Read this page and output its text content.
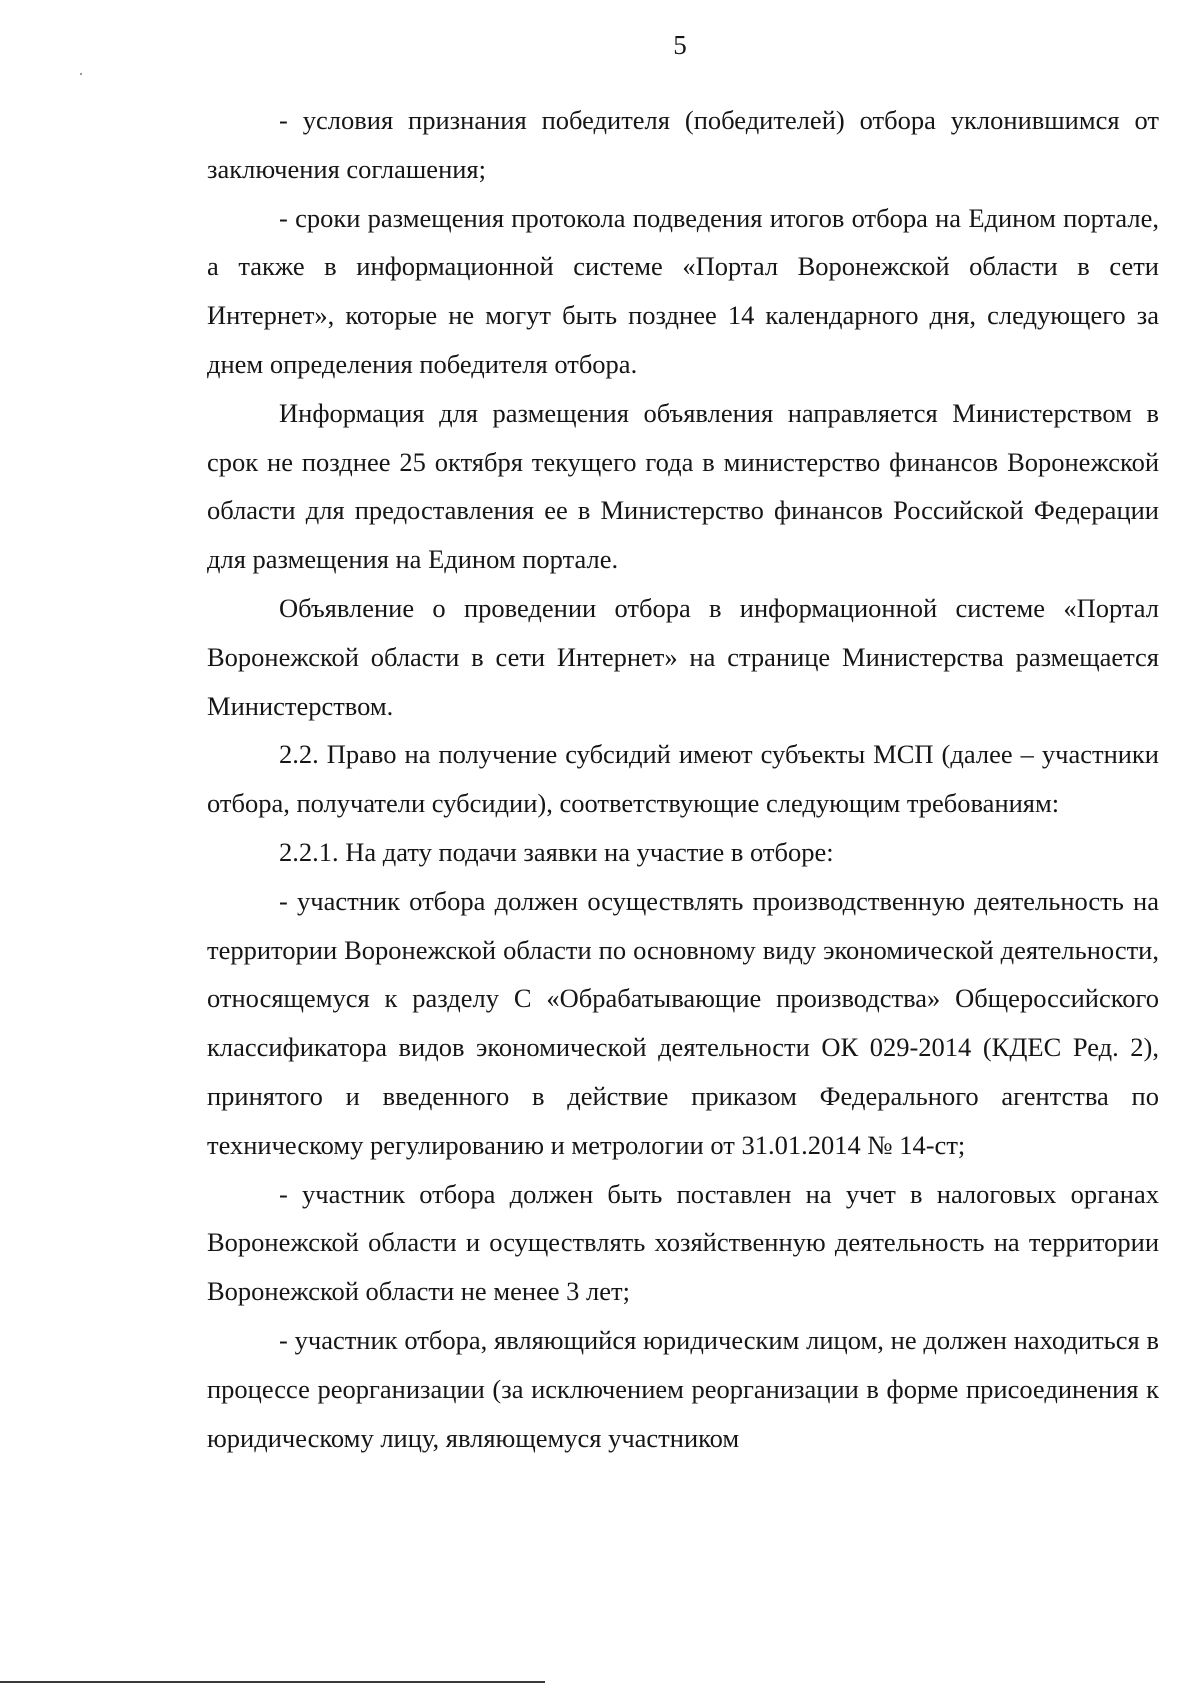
5

- условия признания победителя (победителей) отбора уклонившимся от заключения соглашения;

- сроки размещения протокола подведения итогов отбора на Едином портале, а также в информационной системе «Портал Воронежской области в сети Интернет», которые не могут быть позднее 14 календарного дня, следующего за днем определения победителя отбора.

Информация для размещения объявления направляется Министерством в срок не позднее 25 октября текущего года в министерство финансов Воронежской области для предоставления ее в Министерство финансов Российской Федерации для размещения на Едином портале.

Объявление о проведении отбора в информационной системе «Портал Воронежской области в сети Интернет» на странице Министерства размещается Министерством.

2.2. Право на получение субсидий имеют субъекты МСП (далее – участники отбора, получатели субсидии), соответствующие следующим требованиям:

2.2.1. На дату подачи заявки на участие в отборе:

- участник отбора должен осуществлять производственную деятельность на территории Воронежской области по основному виду экономической деятельности, относящемуся к разделу С «Обрабатывающие производства» Общероссийского классификатора видов экономической деятельности ОК 029-2014 (КДЕС Ред. 2), принятого и введенного в действие приказом Федерального агентства по техническому регулированию и метрологии от 31.01.2014 № 14-ст;

- участник отбора должен быть поставлен на учет в налоговых органах Воронежской области и осуществлять хозяйственную деятельность на территории Воронежской области не менее 3 лет;

- участник отбора, являющийся юридическим лицом, не должен находиться в процессе реорганизации (за исключением реорганизации в форме присоединения к юридическому лицу, являющемуся участником
